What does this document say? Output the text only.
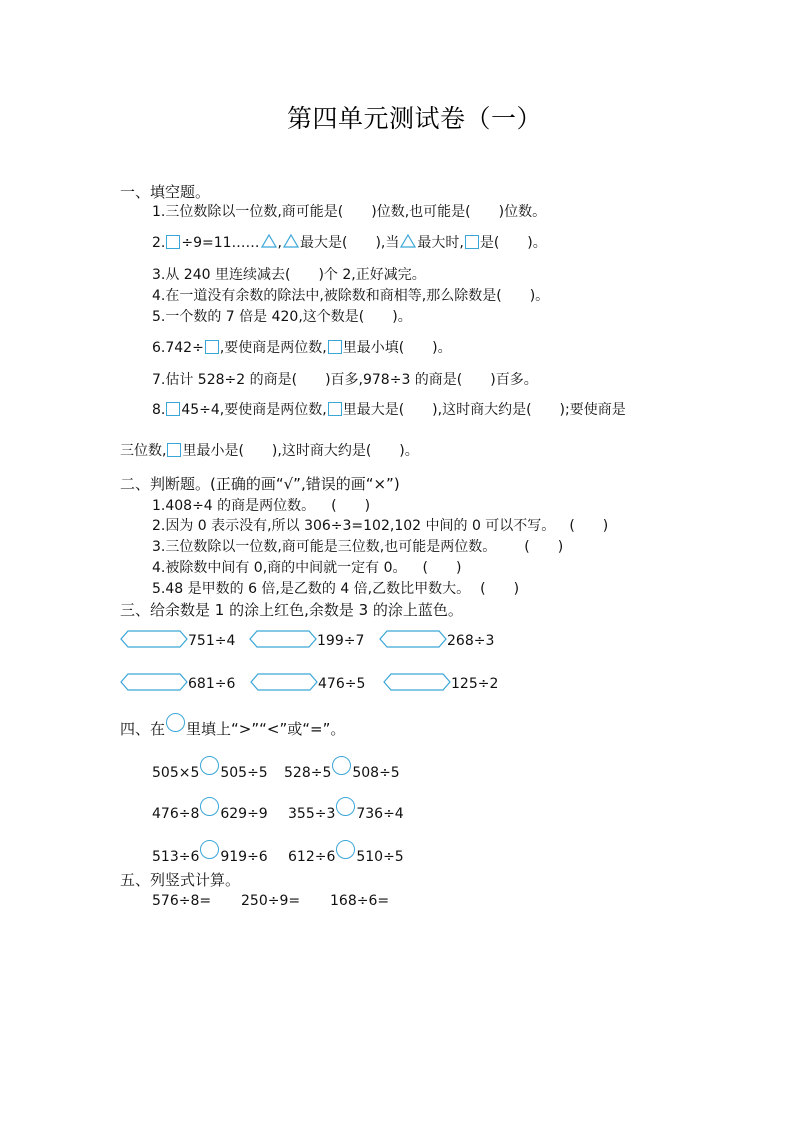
第四单元测试卷（一）
一、填空题。
1.三位数除以一位数,商可能是(　　)位数,也可能是(　　)位数。
2. ÷9=11…… , 最大是(　　),当 最大时, 是(　　)。
3.从 240 里连续减去(　　)个 2,正好减完。
4.在一道没有余数的除法中,被除数和商相等,那么除数是(　　)。
5.一个数的 7 倍是 420,这个数是(　　)。
6.742÷ ,要使商是两位数, 里最小填(　　)。
7.估计 528÷2 的商是(　　)百多,978÷3 的商是(　　)百多。
8. 45÷4,要使商是两位数, 里最大是(　　),这时商大约是(　　);要使商是
三位数, 里最小是(　　),这时商大约是(　　)。
二、判断题。(正确的画“√”,错误的画“×”)
1.408÷4 的商是两位数。 (　　)
2.因为 0 表示没有,所以 306÷3=102,102 中间的 0 可以不写。 (　　)
3.三位数除以一位数,商可能是三位数,也可能是两位数。 (　　)
4.被除数中间有 0,商的中间就一定有 0。 (　　)
5.48 是甲数的 6 倍,是乙数的 4 倍,乙数比甲数大。 (　　)
三、给余数是 1 的涂上红色,余数是 3 的涂上蓝色。
751÷4	199÷7	268÷3
681÷6	476÷5	125÷2
四、在 里填上“>”“<”或“=”。
505×5 505÷5 528÷5 508÷5
476÷8 629÷9 355÷3 736÷4
513÷6 919÷6 612÷6 510÷5
五、列竖式计算。
576÷8= 250÷9= 168÷6=
